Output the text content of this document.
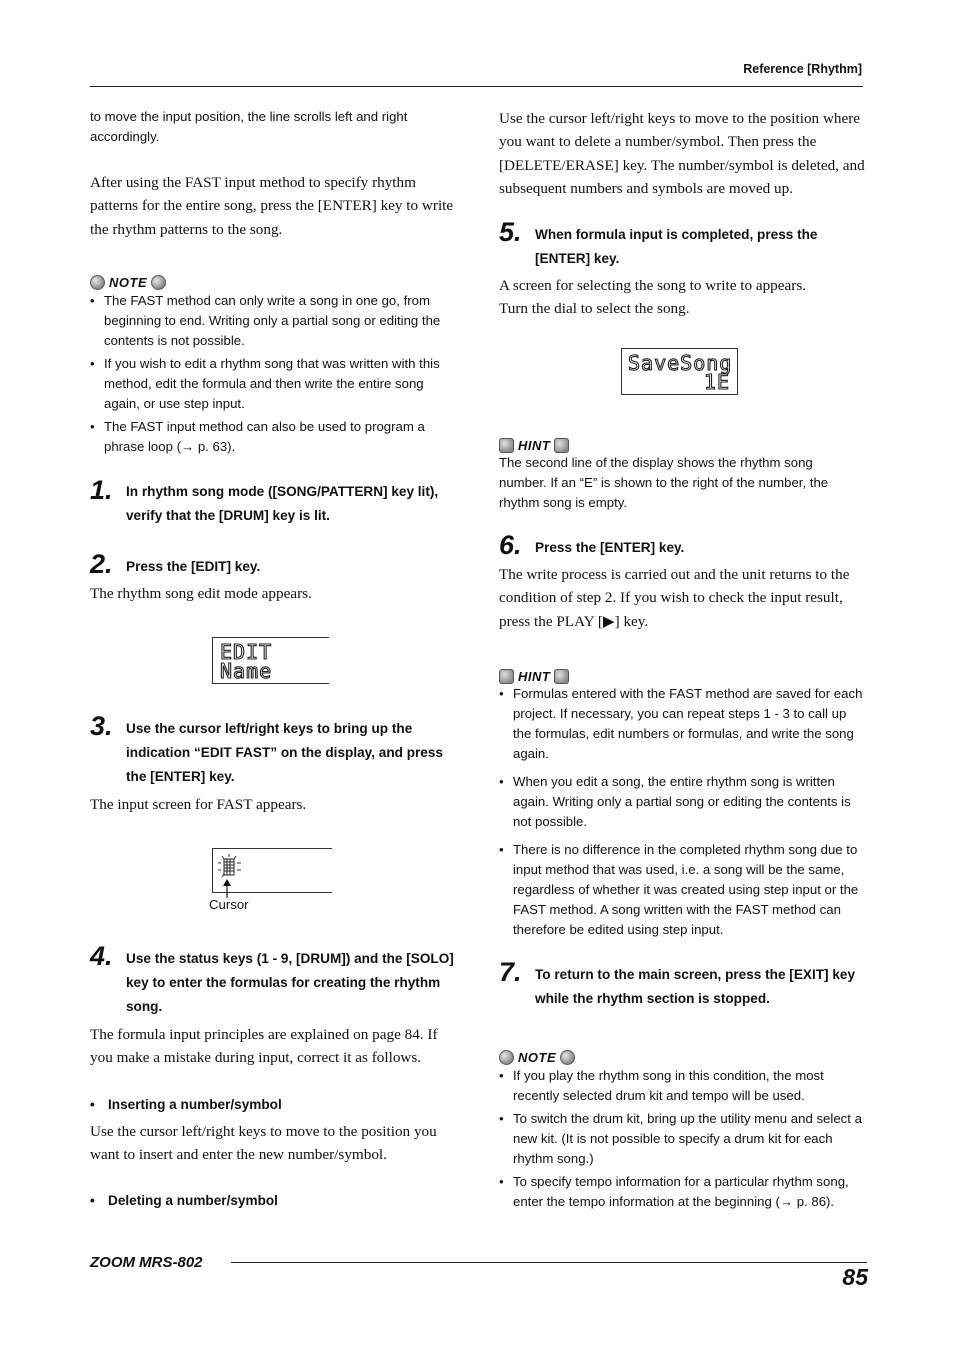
Reference [Rhythm]
to move the input position, the line scrolls left and right accordingly.
After using the FAST input method to specify rhythm patterns for the entire song, press the [ENTER] key to write the rhythm patterns to the song.
NOTE
• The FAST method can only write a song in one go, from beginning to end. Writing only a partial song or editing the contents is not possible.
• If you wish to edit a rhythm song that was written with this method, edit the formula and then write the entire song again, or use step input.
• The FAST input method can also be used to program a phrase loop (→ p. 63).
1. In rhythm song mode ([SONG/PATTERN] key lit), verify that the [DRUM] key is lit.
2. Press the [EDIT] key.
The rhythm song edit mode appears.
EDIT
Name
3. Use the cursor left/right keys to bring up the indication “EDIT FAST” on the display, and press the [ENTER] key.
The input screen for FAST appears.
Cursor
4. Use the status keys (1 - 9, [DRUM]) and the [SOLO] key to enter the formulas for creating the rhythm song.
The formula input principles are explained on page 84. If you make a mistake during input, correct it as follows.
• Inserting a number/symbol
Use the cursor left/right keys to move to the position you want to insert and enter the new number/symbol.
• Deleting a number/symbol
Use the cursor left/right keys to move to the position where you want to delete a number/symbol. Then press the [DELETE/ERASE] key. The number/symbol is deleted, and subsequent numbers and symbols are moved up.
5. When formula input is completed, press the [ENTER] key.
A screen for selecting the song to write to appears.
Turn the dial to select the song.
SaveSong
1E
HINT
The second line of the display shows the rhythm song number. If an “E” is shown to the right of the number, the rhythm song is empty.
6. Press the [ENTER] key.
The write process is carried out and the unit returns to the condition of step 2. If you wish to check the input result, press the PLAY [▶] key.
HINT
• Formulas entered with the FAST method are saved for each project. If necessary, you can repeat steps 1 - 3 to call up the formulas, edit numbers or formulas, and write the song again.
• When you edit a song, the entire rhythm song is written again. Writing only a partial song or editing the contents is not possible.
• There is no difference in the completed rhythm song due to input method that was used, i.e. a song will be the same, regardless of whether it was created using step input or the FAST method. A song written with the FAST method can therefore be edited using step input.
7. To return to the main screen, press the [EXIT] key while the rhythm section is stopped.
NOTE
• If you play the rhythm song in this condition, the most recently selected drum kit and tempo will be used.
• To switch the drum kit, bring up the utility menu and select a new kit. (It is not possible to specify a drum kit for each rhythm song.)
• To specify tempo information for a particular rhythm song, enter the tempo information at the beginning (→ p. 86).
ZOOM MRS-802
85
